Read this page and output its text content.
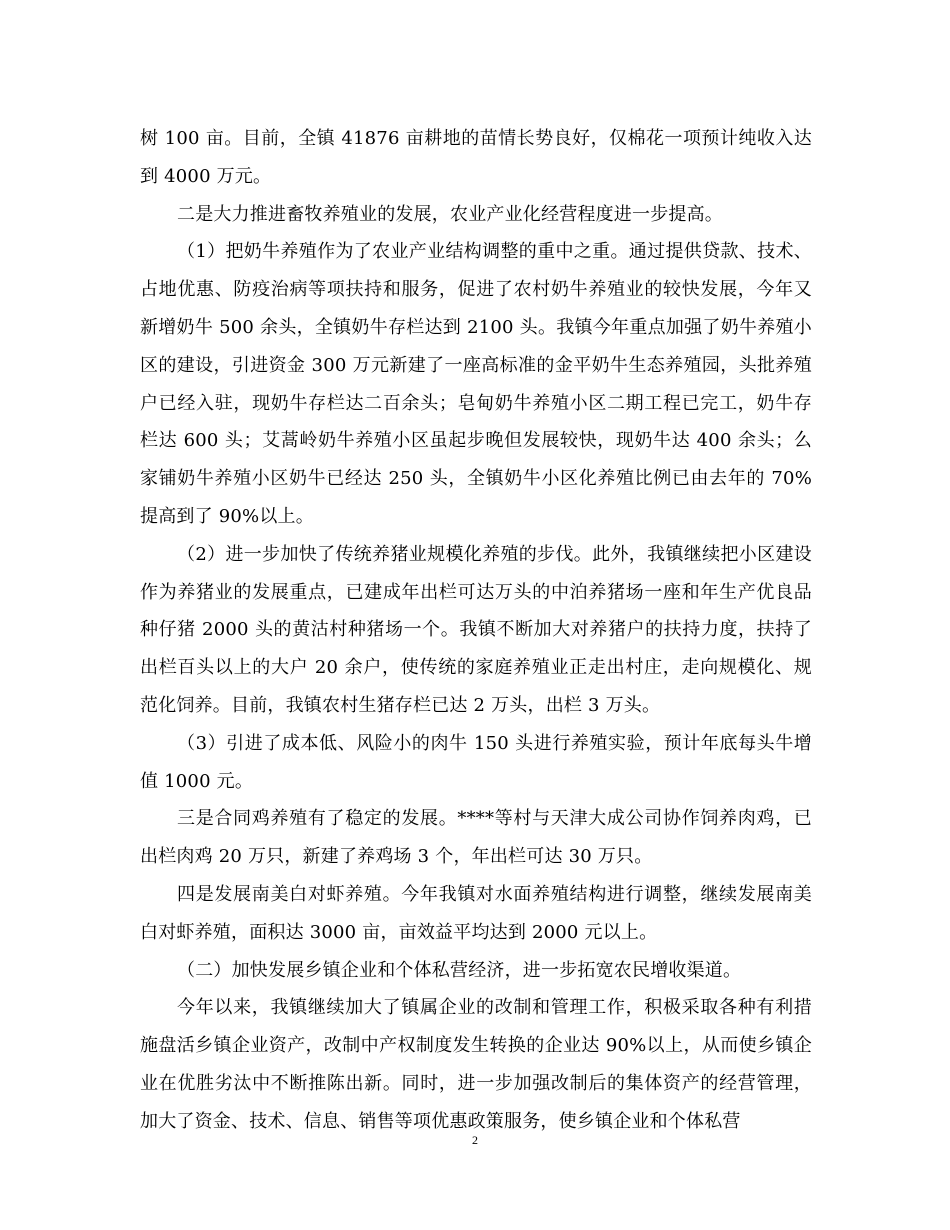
树 100 亩。目前，全镇 41876 亩耕地的苗情长势良好，仅棉花一项预计纯收入达到 4000 万元。

二是大力推进畜牧养殖业的发展，农业产业化经营程度进一步提高。

（1）把奶牛养殖作为了农业产业结构调整的重中之重。通过提供贷款、技术、占地优惠、防疫治病等项扶持和服务，促进了农村奶牛养殖业的较快发展，今年又新增奶牛 500 余头，全镇奶牛存栏达到 2100 头。我镇今年重点加强了奶牛养殖小区的建设，引进资金 300 万元新建了一座高标准的金平奶牛生态养殖园，头批养殖户已经入驻，现奶牛存栏达二百余头；皂甸奶牛养殖小区二期工程已完工，奶牛存栏达 600 头；艾蒿岭奶牛养殖小区虽起步晚但发展较快，现奶牛达 400 余头；么家铺奶牛养殖小区奶牛已经达 250 头，全镇奶牛小区化养殖比例已由去年的 70%提高到了 90%以上。

（2）进一步加快了传统养猪业规模化养殖的步伐。此外，我镇继续把小区建设作为养猪业的发展重点，已建成年出栏可达万头的中泊养猪场一座和年生产优良品种仔猪 2000 头的黄沽村种猪场一个。我镇不断加大对养猪户的扶持力度，扶持了出栏百头以上的大户 20 余户，使传统的家庭养殖业正走出村庄，走向规模化、规范化饲养。目前，我镇农村生猪存栏已达 2 万头，出栏 3 万头。

（3）引进了成本低、风险小的肉牛 150 头进行养殖实验，预计年底每头牛增值 1000 元。

三是合同鸡养殖有了稳定的发展。****等村与天津大成公司协作饲养肉鸡，已出栏肉鸡 20 万只，新建了养鸡场 3 个，年出栏可达 30 万只。

四是发展南美白对虾养殖。今年我镇对水面养殖结构进行调整，继续发展南美白对虾养殖，面积达 3000 亩，亩效益平均达到 2000 元以上。

（二）加快发展乡镇企业和个体私营经济，进一步拓宽农民增收渠道。

今年以来，我镇继续加大了镇属企业的改制和管理工作，积极采取各种有利措施盘活乡镇企业资产，改制中产权制度发生转换的企业达 90%以上，从而使乡镇企业在优胜劣汰中不断推陈出新。同时，进一步加强改制后的集体资产的经营管理，加大了资金、技术、信息、销售等项优惠政策服务，使乡镇企业和个体私营

2
